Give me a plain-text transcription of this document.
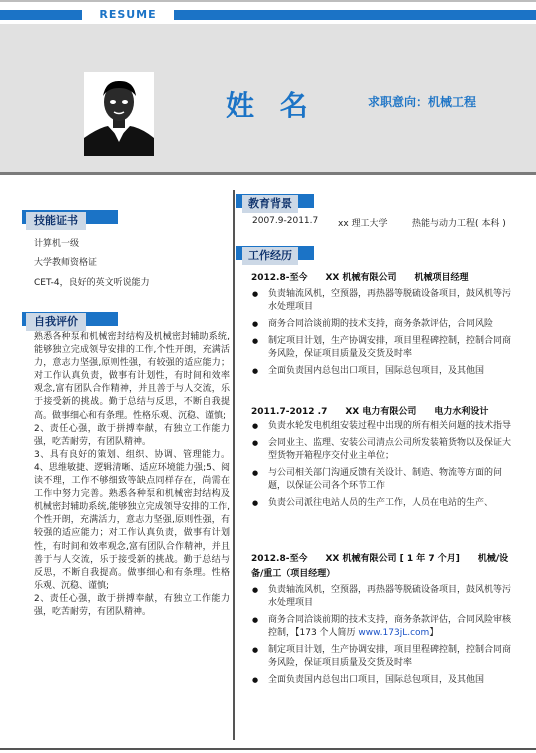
RESUME
姓 名	求职意向：机械工程
技能证书
计算机一级
大学教师资格证
CET-4，良好的英文听说能力
自我评价
熟悉各种泵和机械密封结构及机械密封辅助系统,能够独立完成领导安排的工作,个性开朗，充满活力，意志力坚强,原则性强，有较强的适应能力；对工作认真负责，做事有计划性，有时间和效率观念,富有团队合作精神，并且善于与人交流，乐于接受新的挑战。勤于总结与反思，不断自我提高。做事细心和有条理。性格乐观、沉稳、谨慎;
2、责任心强，敢于拼搏奉献，有独立工作能力强，吃苦耐劳，有团队精神。
3、具有良好的策划、组织、协调、管理能力。4、思维敏捷、逻辑清晰、适应环境能力强;5、阅读不理，工作不够细致等缺点同样存在，尚需在工作中努力完善。熟悉各种泵和机械密封结构及机械密封辅助系统,能够独立完成领导安排的工作,个性开朗，充满活力，意志力坚强,原则性强，有较强的适应能力；对工作认真负责，做事有计划性，有时间和效率观念,富有团队合作精神，并且善于与人交流，乐于接受新的挑战。勤于总结与反思，不断自我提高。做事细心和有条理。性格乐观、沉稳、谨慎;
2、责任心强，敢于拼搏奉献，有独立工作能力强，吃苦耐劳，有团队精神。
教育背景
2007.9-2011.7 xx 理工大学	热能与动力工程( 本科 )
工作经历
2012.8-至今　　XX 机械有限公司　　机械项目经理
● 负责轴流风机，空预器，再热器等脱硫设备项目，鼓风机等污水处理项目
● 商务合同洽谈前期的技术支持，商务条款评估，合同风险
● 制定项目计划，生产协调安排，项目里程碑控制，控制合同商务风险，保证项目质量及交货及时率
● 全面负责国内总包出口项目，国际总包项目，及其他国
2011.7-2012 .7　　XX 电力有限公司　　电力水利设计
● 负责水轮发电机组安装过程中出现的所有相关问题的技术指导
● 会同业主、监理、安装公司清点公司所发装箱货物以及保证大型货物开箱程序交付业主单位；
● 与公司相关部门沟通反馈有关设计、制造、物流等方面的问题，以保证公司各个环节工作
● 负责公司派往电站人员的生产工作，人员在电站的生产、
2012.8-至今　　XX 机械有限公司 [ 1 年 7 个月]　　机械/设备/重工（项目经理）
● 负责轴流风机，空预器，再热器等脱硫设备项目，鼓风机等污水处理项目
● 商务合同洽谈前期的技术支持，商务条款评估，合同风险审核控制，【173 个人简历 www.173jL.com】
● 制定项目计划，生产协调安排，项目里程碑控制，控制合同商务风险，保证项目质量及交货及时率
● 全面负责国内总包出口项目，国际总包项目，及其他国
